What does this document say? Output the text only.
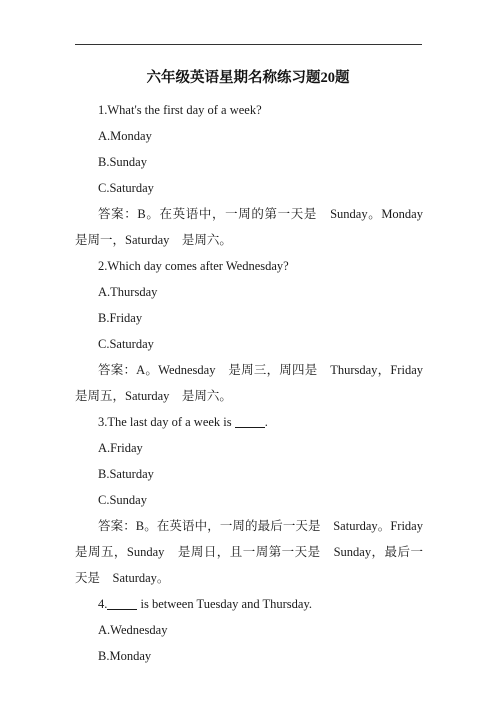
六年级英语星期名称练习题20题
1.What's the first day of a week?
A.Monday
B.Sunday
C.Saturday
答案：B。在英语中，一周的第一天是　Sunday。Monday　是周一，Saturday　是周六。
2.Which day comes after Wednesday?
A.Thursday
B.Friday
C.Saturday
答案：A。Wednesday　是周三，周四是　Thursday，Friday　是周五，Saturday　是周六。
3.The last day of a week is .
A.Friday
B.Saturday
C.Sunday
答案：B。在英语中，一周的最后一天是　Saturday。Friday　是周五，Sunday　是周日，且一周第一天是　Sunday，最后一天是　Saturday。
4. is between Tuesday and Thursday.
A.Wednesday
B.Monday
